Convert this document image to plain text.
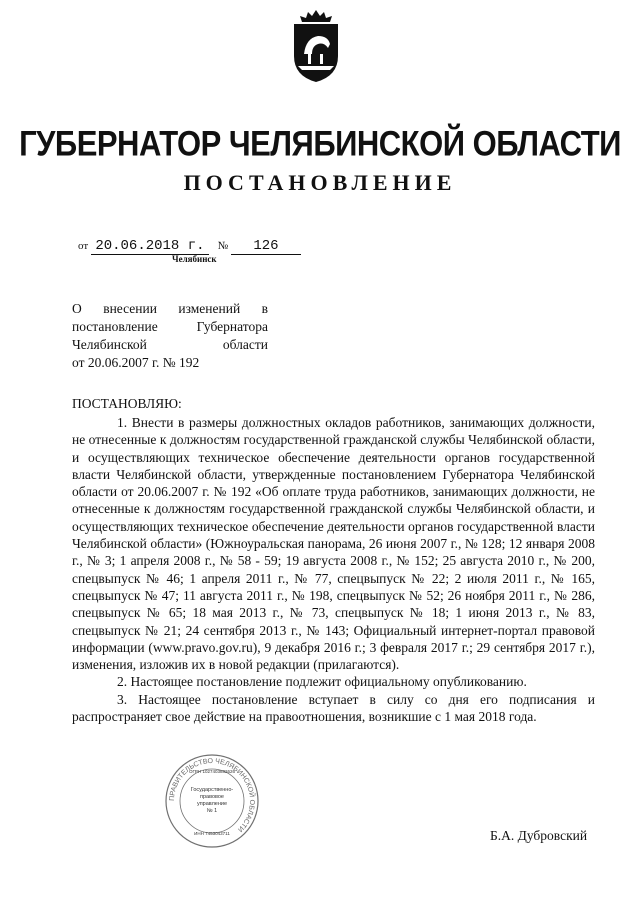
ГУБЕРНАТОР ЧЕЛЯБИНСКОЙ ОБЛАСТИ
ПОСТАНОВЛЕНИЕ
от 20.06.2018 г. № 126
Челябинск
О внесении изменений в
постановление Губернатора
Челябинской области
от 20.06.2007 г. № 192
ПОСТАНОВЛЯЮ:

1. Внести в размеры должностных окладов работников, занимающих должности, не отнесенные к должностям государственной гражданской службы Челябинской области, и осуществляющих техническое обеспечение деятельности органов государственной власти Челябинской области, утвержденные постановлением Губернатора Челябинской области от 20.06.2007 г. № 192 «Об оплате труда работников, занимающих должности, не отнесенные к должностям государственной гражданской службы Челябинской области, и осуществляющих техническое обеспечение деятельности органов государственной власти Челябинской области» (Южноуральская панорама, 26 июня 2007 г., № 128; 12 января 2008 г., № 3; 1 апреля 2008 г., № 58 - 59; 19 августа 2008 г., № 152; 25 августа 2010 г., № 200, спецвыпуск № 46; 1 апреля 2011 г., № 77, спецвыпуск № 22; 2 июля 2011 г., № 165, спецвыпуск № 47; 11 августа 2011 г., № 198, спецвыпуск № 52; 26 ноября 2011 г., № 286, спецвыпуск № 65; 18 мая 2013 г., № 73, спецвыпуск № 18; 1 июня 2013 г., № 83, спецвыпуск № 21; 24 сентября 2013 г., № 143; Официальный интернет-портал правовой информации (www.pravo.gov.ru), 9 декабря 2016 г.; 3 февраля 2017 г.; 29 сентября 2017 г.), изменения, изложив их в новой редакции (прилагаются).

2. Настоящее постановление подлежит официальному опубликованию.

3. Настоящее постановление вступает в силу со дня его подписания и распространяет свое действие на правоотношения, возникшие с 1 мая 2018 года.

ПРАВИТЕЛЬСТВО ЧЕЛЯБИНСКОЙ ОБЛАСТИ
Государственно-
правовое
управление
№ 1
ОГРН 1027403882626
ИНН 7453043711	Б.А. Дубровский
